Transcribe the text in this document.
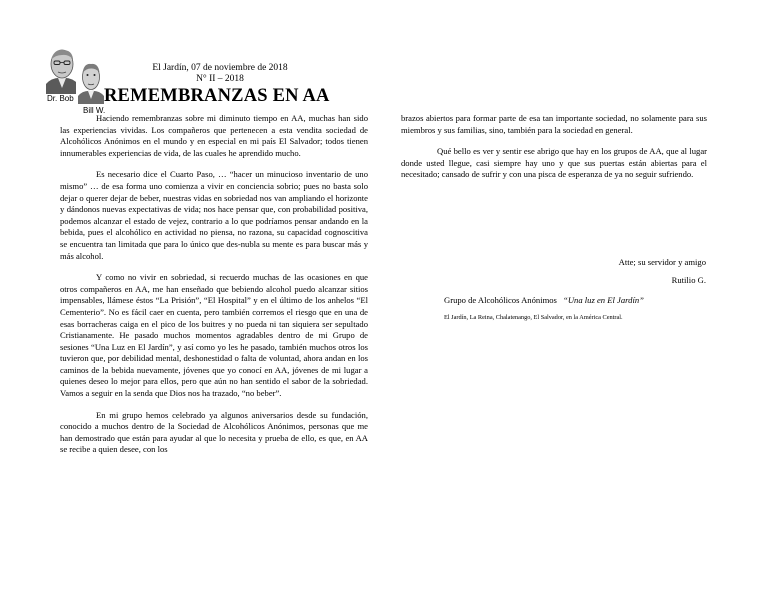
Dr. Bob
Bill W.
El Jardín, 07 de noviembre de 2018
N° II – 2018
REMEMBRANZAS EN AA

Haciendo remembranzas sobre mi diminuto tiempo en AA, muchas han sido las experiencias vividas. Los compañeros que pertenecen a esta vendita sociedad de Alcohólicos Anónimos en el mundo y en especial en mi país El Salvador; todos tienen innumerables experiencias de vida, de las cuales he aprendido mucho.

Es necesario dice el Cuarto Paso, … “hacer un minucioso inventario de uno mismo” … de esa forma uno comienza a vivir en conciencia sobrio; pues no basta solo dejar o querer dejar de beber, nuestras vidas en sobriedad nos van ampliando el horizonte y dándonos nuevas expectativas de vida; nos hace pensar que, con probabilidad positiva, podemos alcanzar el estado de vejez, contrario a lo que podríamos pensar andando en la bebida, pues el alcohólico en actividad no piensa, no razona, su capacidad cognoscitiva se encuentra tan limitada que para lo único que des-nubla su mente es para buscar más y más alcohol.

Y como no vivir en sobriedad, si recuerdo muchas de las ocasiones en que otros compañeros en AA, me han enseñado que bebiendo alcohol puedo alcanzar sitios impensables, llámese éstos “La Prisión”, “El Hospital” y en el último de los anhelos “El Cementerio”. No es fácil caer en cuenta, pero también corremos el riesgo que en una de esas borracheras caiga en el pico de los buitres y no pueda ni tan siquiera ser sepultado Cristianamente. He pasado muchos momentos agradables dentro de mi Grupo de sesiones “Una Luz en El Jardín”, y así como yo les he pasado, también muchos otros los tuvieron que, por debilidad mental, deshonestidad o falta de voluntad, ahora andan en los caminos de la bebida nuevamente, jóvenes que yo conocí en AA, jóvenes de mi lugar a quienes deseo lo mejor para ellos, pero que aún no han sentido el sabor de la sobriedad. Vamos a seguir en la senda que Dios nos ha trazado, “no beber”.

En mi grupo hemos celebrado ya algunos aniversarios desde su fundación, conocido a muchos dentro de la Sociedad de Alcohólicos Anónimos, personas que me han demostrado que están para ayudar al que lo necesita y prueba de ello, es que, en AA se recibe a quien desee, con los

brazos abiertos para formar parte de esa tan importante sociedad, no solamente para sus miembros y sus familias, sino, también para la sociedad en general.

Qué bello es ver y sentir ese abrigo que hay en los grupos de AA, que al lugar donde usted llegue, casi siempre hay uno y que sus puertas están abiertas para el necesitado; cansado de sufrir y con una pisca de esperanza de ya no seguir sufriendo.

Atte; su servidor y amigo
Rutilio G.
Grupo de Alcohólicos Anónimos “Una luz en El Jardín”
El Jardín, La Reina, Chalatenango, El Salvador, en la América Central.
